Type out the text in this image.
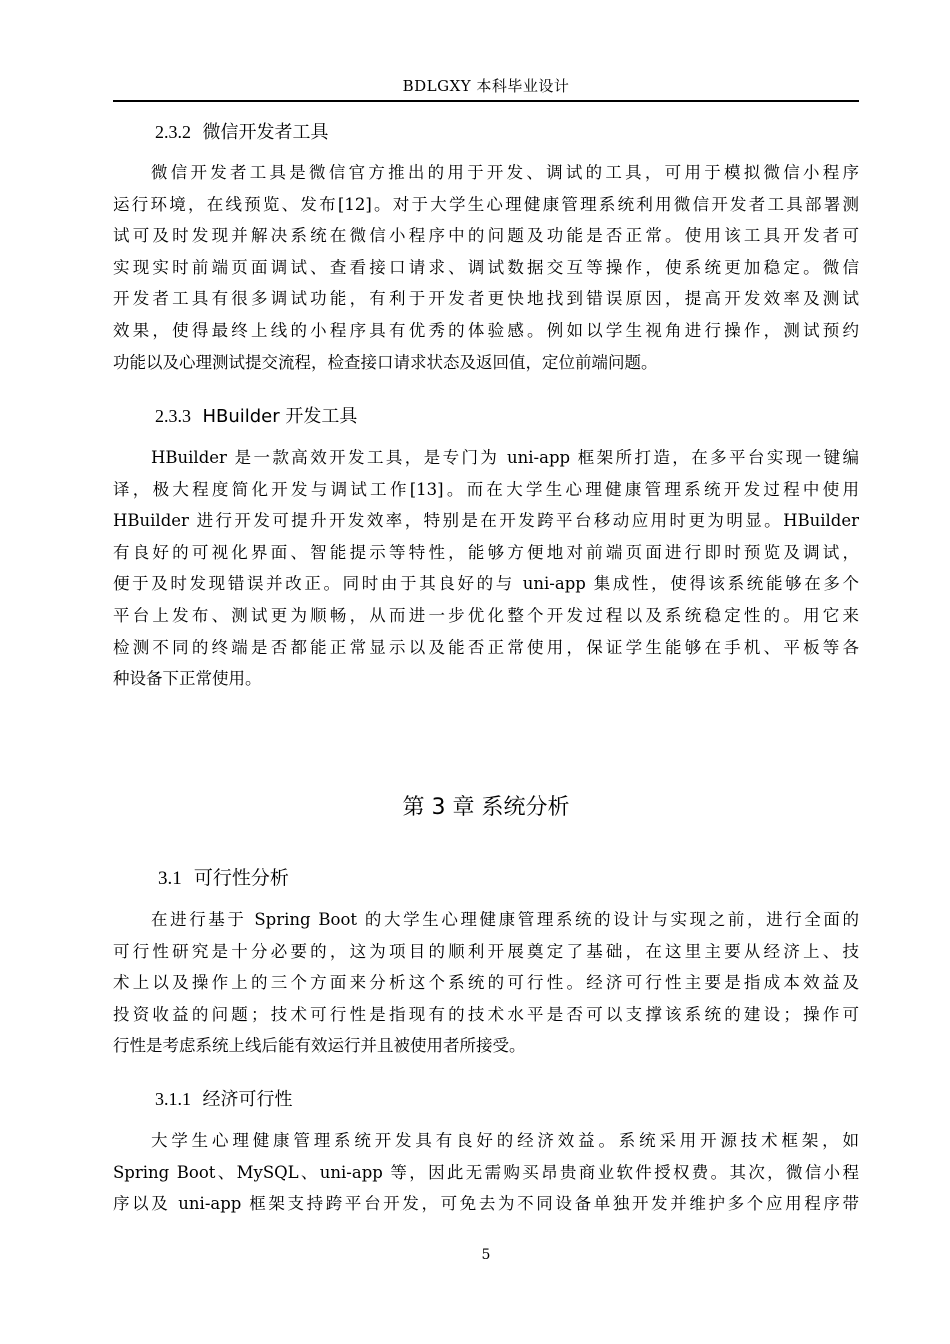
BDLGXY 本科毕业设计
2.3.2 微信开发者工具
微信开发者工具是微信官方推出的用于开发、调试的工具，可用于模拟微信小程序
运行环境，在线预览、发布[12]。对于大学生心理健康管理系统利用微信开发者工具部署测
试可及时发现并解决系统在微信小程序中的问题及功能是否正常。使用该工具开发者可
实现实时前端页面调试、查看接口请求、调试数据交互等操作，使系统更加稳定。微信
开发者工具有很多调试功能，有利于开发者更快地找到错误原因，提高开发效率及测试
效果，使得最终上线的小程序具有优秀的体验感。例如以学生视角进行操作，测试预约
功能以及心理测试提交流程，检查接口请求状态及返回值，定位前端问题。
2.3.3 HBuilder 开发工具
HBuilder 是一款高效开发工具，是专门为 uni-app 框架所打造，在多平台实现一键编
译，极大程度简化开发与调试工作[13]。而在大学生心理健康管理系统开发过程中使用
HBuilder 进行开发可提升开发效率，特别是在开发跨平台移动应用时更为明显。HBuilder
有良好的可视化界面、智能提示等特性，能够方便地对前端页面进行即时预览及调试，
便于及时发现错误并改正。同时由于其良好的与 uni-app 集成性，使得该系统能够在多个
平台上发布、测试更为顺畅，从而进一步优化整个开发过程以及系统稳定性的。用它来
检测不同的终端是否都能正常显示以及能否正常使用，保证学生能够在手机、平板等各
种设备下正常使用。
第 3 章 系统分析
3.1 可行性分析
在进行基于 Spring Boot 的大学生心理健康管理系统的设计与实现之前，进行全面的
可行性研究是十分必要的，这为项目的顺利开展奠定了基础，在这里主要从经济上、技
术上以及操作上的三个方面来分析这个系统的可行性。经济可行性主要是指成本效益及
投资收益的问题；技术可行性是指现有的技术水平是否可以支撑该系统的建设；操作可
行性是考虑系统上线后能有效运行并且被使用者所接受。
3.1.1 经济可行性
大学生心理健康管理系统开发具有良好的经济效益。系统采用开源技术框架，如
Spring Boot、MySQL、uni-app 等，因此无需购买昂贵商业软件授权费。其次，微信小程
序以及 uni-app 框架支持跨平台开发，可免去为不同设备单独开发并维护多个应用程序带
5
